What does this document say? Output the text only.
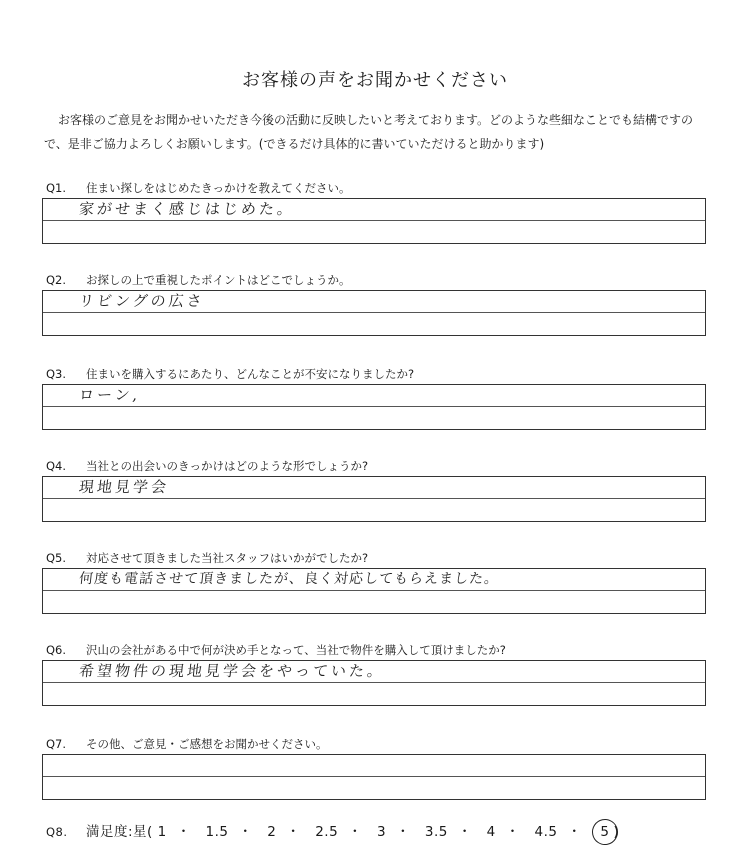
お客様の声をお聞かせください

お客様のご意見をお聞かせいただき今後の活動に反映したいと考えております。どのような些細なことでも結構ですので、是非ご協力よろしくお願いします。(できるだけ具体的に書いていただけると助かります)

Q1. 住まい探しをはじめたきっかけを教えてください。
家がせまく感じはじめた。
Q2. お探しの上で重視したポイントはどこでしょうか。
リビングの広さ
Q3. 住まいを購入するにあたり、どんなことが不安になりましたか?
ローン,
Q4. 当社との出会いのきっかけはどのような形でしょうか?
現地見学会
Q5. 対応させて頂きました当社スタッフはいかがでしたか?
何度も電話させて頂きましたが、良く対応してもらえました。
Q6. 沢山の会社がある中で何が決め手となって、当社で物件を購入して頂けましたか?
希望物件の現地見学会をやっていた。
Q7. その他、ご意見・ご感想をお聞かせください。
Q8. 満足度:星( 1 ・ 1.5 ・ 2 ・ 2.5 ・ 3 ・ 3.5 ・ 4 ・ 4.5 ・ 5 )
